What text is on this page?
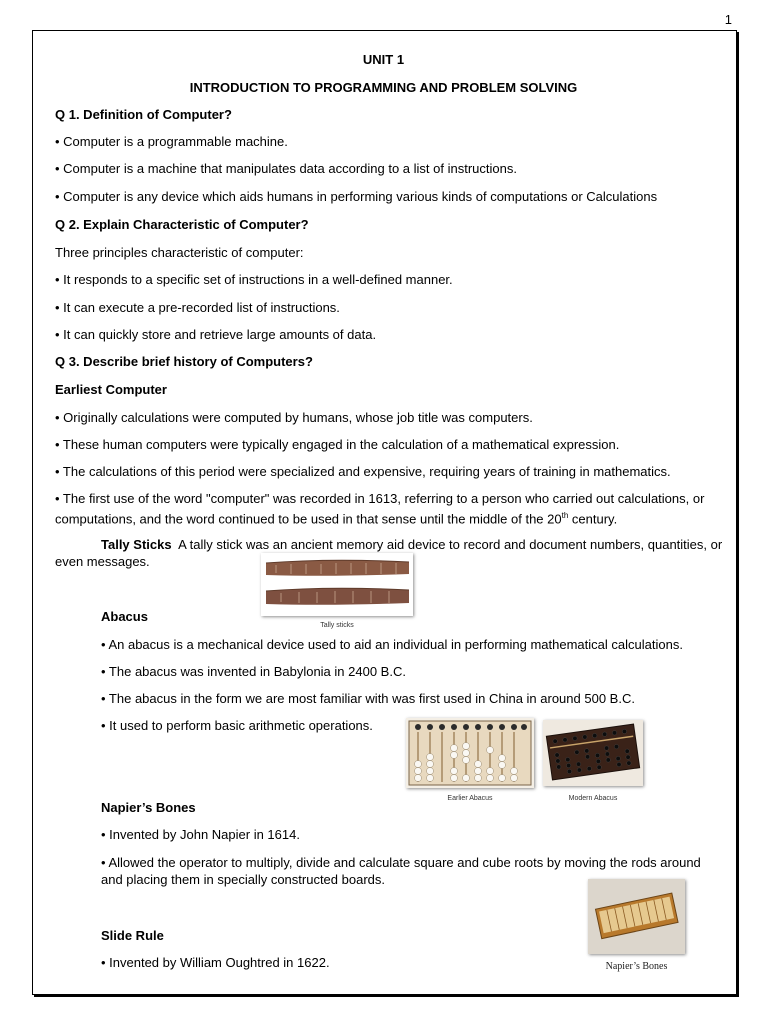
1
UNIT 1
INTRODUCTION TO PROGRAMMING AND PROBLEM SOLVING
Q 1. Definition of Computer?
• Computer is a programmable machine.
• Computer is a machine that manipulates data according to a list of instructions.
• Computer is any device which aids humans in performing various kinds of computations or Calculations
Q 2. Explain Characteristic of Computer?
Three principles characteristic of computer:
• It responds to a specific set of instructions in a well-defined manner.
• It can execute a pre-recorded list of instructions.
• It can quickly store and retrieve large amounts of data.
Q 3. Describe brief history of Computers?
Earliest Computer
• Originally calculations were computed by humans, whose job title was computers.
• These human computers were typically engaged in the calculation of a mathematical expression.
• The calculations of this period were specialized and expensive, requiring years of training in mathematics.
• The first use of the word "computer" was recorded in 1613, referring to a person who carried out calculations, or computations, and the word continued to be used in that sense until the middle of the 20th century.
Tally Sticks A tally stick was an ancient memory aid device to record and document numbers, quantities, or even messages.
Tally sticks
Abacus
• An abacus is a mechanical device used to aid an individual in performing mathematical calculations.
• The abacus was invented in Babylonia in 2400 B.C.
• The abacus in the form we are most familiar with was first used in China in around 500 B.C.
• It used to perform basic arithmetic operations.
Earlier Abacus	Modern Abacus
Napier’s Bones
• Invented by John Napier in 1614.
• Allowed the operator to multiply, divide and calculate square and cube roots by moving the rods around and placing them in specially constructed boards.
Napier’s Bones
Slide Rule
• Invented by William Oughtred in 1622.
